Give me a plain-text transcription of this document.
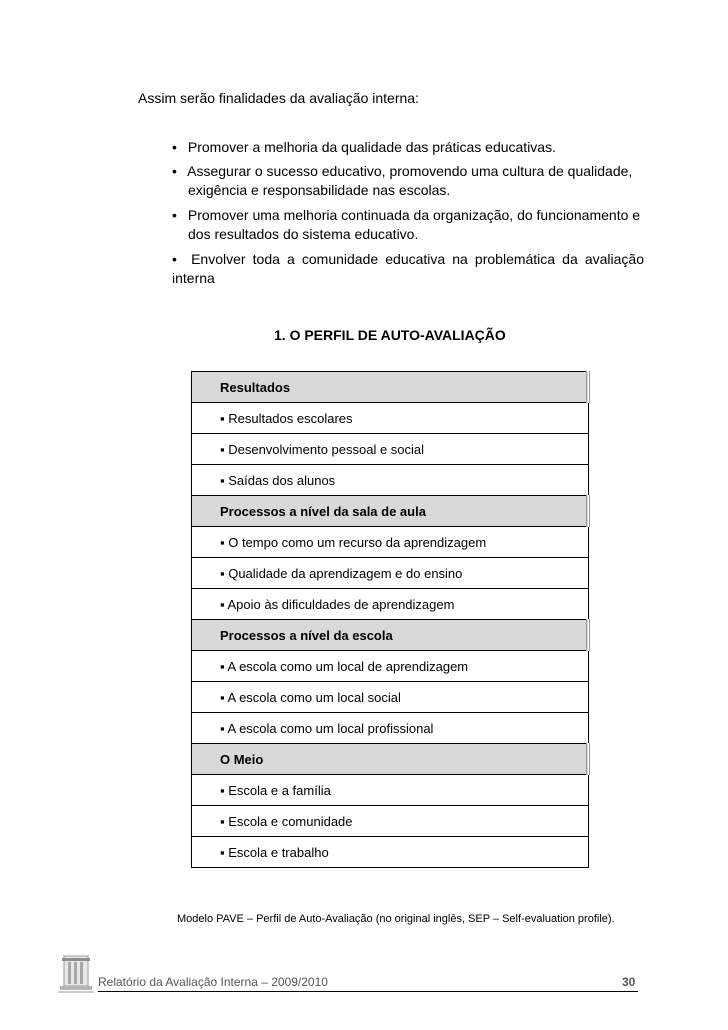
Assim serão finalidades da avaliação interna:
• Promover a melhoria da qualidade das práticas educativas.
• Assegurar o sucesso educativo, promovendo uma cultura de qualidade,
exigência e responsabilidade nas escolas.
• Promover uma melhoria continuada da organização, do funcionamento e
dos resultados do sistema educativo.
• Envolver toda a comunidade educativa na problemática da avaliação interna
1. O PERFIL DE AUTO-AVALIAÇÃO
Resultados
▪ Resultados escolares
▪ Desenvolvimento pessoal e social
▪ Saídas dos alunos
Processos a nível da sala de aula
▪ O tempo como um recurso da aprendizagem
▪ Qualidade da aprendizagem e do ensino
▪ Apoio às dificuldades de aprendizagem
Processos a nível da escola
▪ A escola como um local de aprendizagem
▪ A escola como um local social
▪ A escola como um local profissional
O Meio
▪ Escola e a família
▪ Escola e comunidade
▪ Escola e trabalho
Modelo PAVE – Perfil de Auto-Avaliação (no original inglês, SEP – Self-evaluation profile).
Relatório da Avaliação Interna – 2009/2010	30
